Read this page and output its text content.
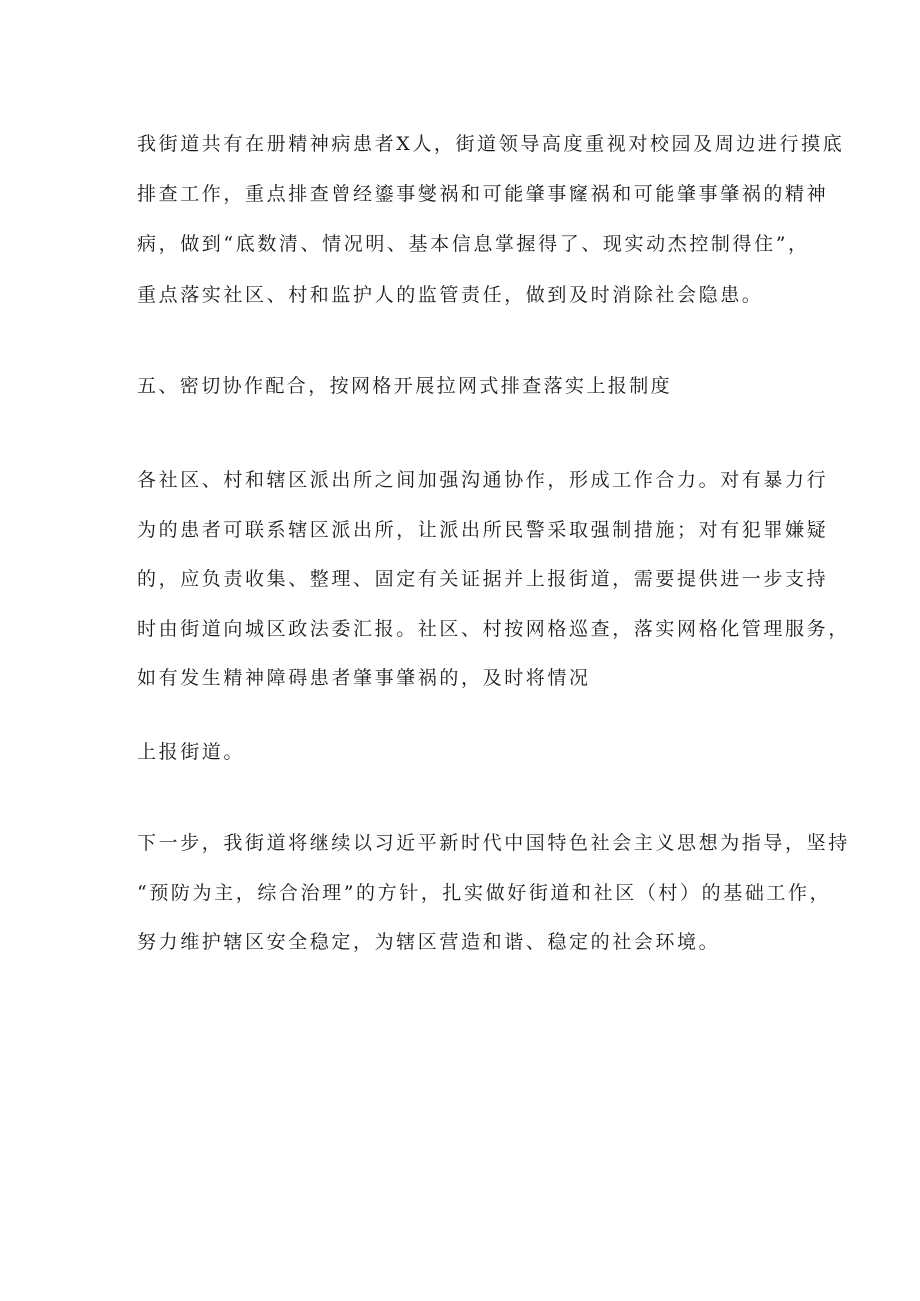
我街道共有在册精神病患者X人，街道领导高度重视对校园及周边进行摸底
排查工作，重点排查曾经鎏事燮祸和可能肇事窿祸和可能肇事肇祸的精神
病，做到“底数清、情况明、基本信息掌握得了、现实动杰控制得住”，
重点落实社区、村和监护人的监管责任，做到及时消除社会隐患。
五、密切协作配合，按网格开展拉网式排查落实上报制度
各社区、村和辖区派出所之间加强沟通协作，形成工作合力。对有暴力行
为的患者可联系辖区派出所，让派出所民警采取强制措施；对有犯罪嫌疑
的，应负责收集、整理、固定有关证据并上报街道，需要提供进一步支持
时由街道向城区政法委汇报。社区、村按网格巡查，落实网格化管理服务，
如有发生精神障碍患者肇事肇祸的，及时将情况
上报街道。
下一步，我街道将继续以习近平新时代中国特色社会主义思想为指导，坚持
“预防为主，综合治理”的方针，扎实做好街道和社区（村）的基础工作，
努力维护辖区安全稳定，为辖区营造和谐、稳定的社会环境。
